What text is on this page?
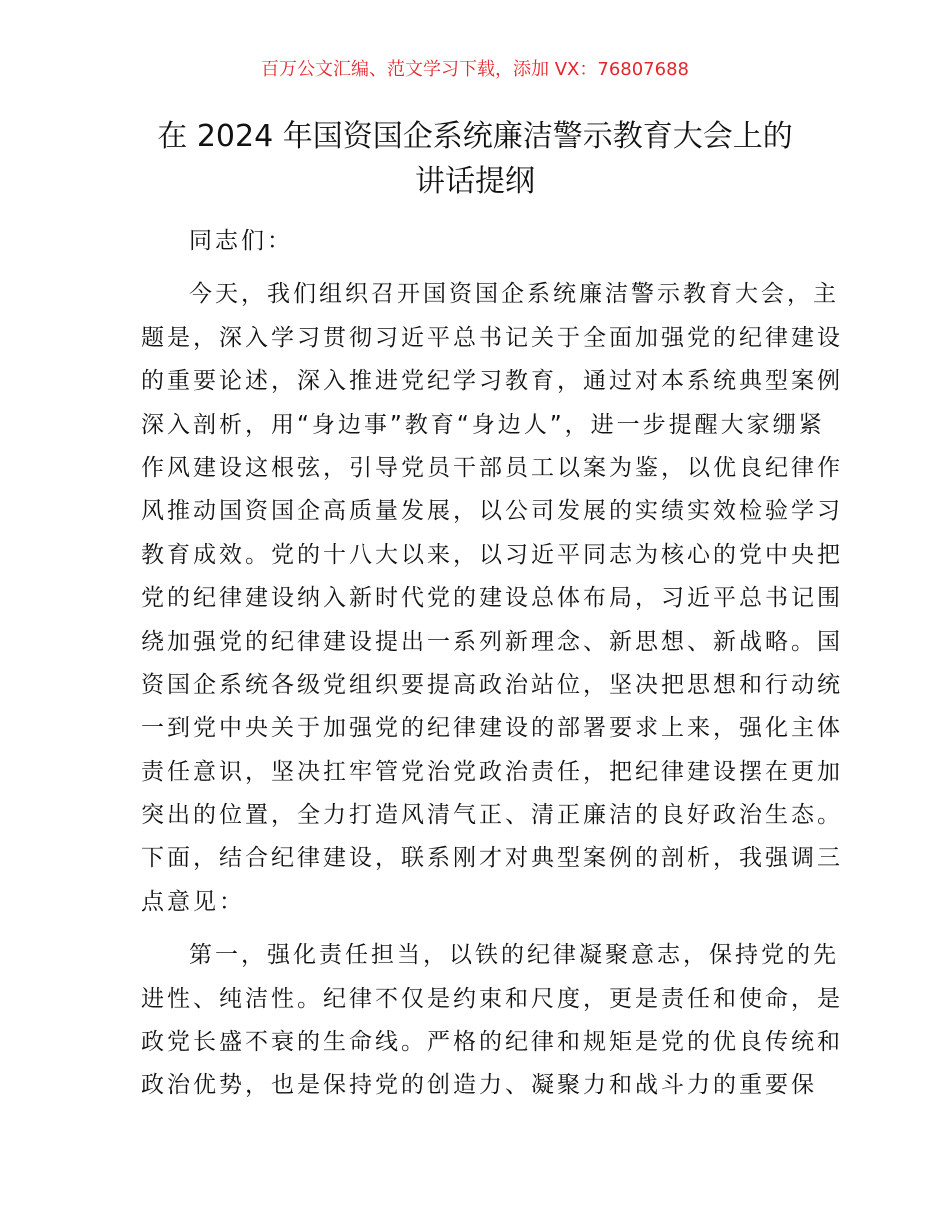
百万公文汇编、范文学习下载，添加 VX：76807688
在 2024 年国资国企系统廉洁警示教育大会上的
讲话提纲
同志们：
今天，我们组织召开国资国企系统廉洁警示教育大会，主
题是，深入学习贯彻习近平总书记关于全面加强党的纪律建设
的重要论述，深入推进党纪学习教育，通过对本系统典型案例
深入剖析，用“身边事”教育“身边人”，进一步提醒大家绷紧
作风建设这根弦，引导党员干部员工以案为鉴，以优良纪律作
风推动国资国企高质量发展，以公司发展的实绩实效检验学习
教育成效。党的十八大以来，以习近平同志为核心的党中央把
党的纪律建设纳入新时代党的建设总体布局，习近平总书记围
绕加强党的纪律建设提出一系列新理念、新思想、新战略。国
资国企系统各级党组织要提高政治站位，坚决把思想和行动统
一到党中央关于加强党的纪律建设的部署要求上来，强化主体
责任意识，坚决扛牢管党治党政治责任，把纪律建设摆在更加
突出的位置，全力打造风清气正、清正廉洁的良好政治生态。
下面，结合纪律建设，联系刚才对典型案例的剖析，我强调三
点意见：
第一，强化责任担当，以铁的纪律凝聚意志，保持党的先
进性、纯洁性。纪律不仅是约束和尺度，更是责任和使命，是
政党长盛不衰的生命线。严格的纪律和规矩是党的优良传统和
政治优势，也是保持党的创造力、凝聚力和战斗力的重要保
